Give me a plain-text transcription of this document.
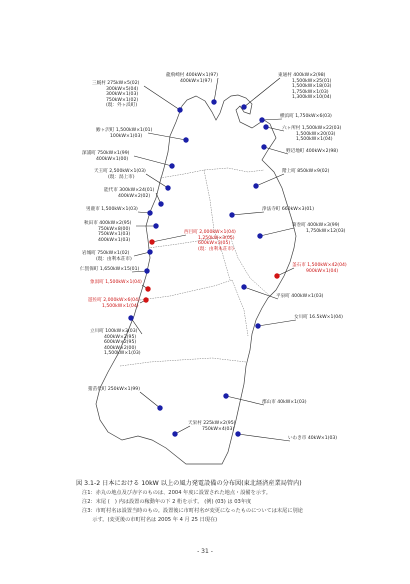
三厩村 275kW×5(02)
300kW×5(04)
300kW×1(03)
750kW×1(02)
(現：外ヶ浜町)
鯵ヶ沢町 1,500kW×1(01)
100kW×1(03)
深浦町 750kW×1(99)
400kW×1(00)
天王町 2,500kW×1(03)
(現：潟上市)
能代市 300kW×24(01)
400kW×2(02)
男鹿市 1,500kW×1(03)
秋田市 400kW×2(95)
750kW×8(00)
750kW×1(03)
400kW×1(03)
岩城町 750kW×1(02)
(現：由利本荘市)
仁賀保町 1,650kW×15(01)
象潟町 1,500kW×1(04)
遊佐町 2,000kW×6(04)
1,500kW×1(04)
立川町 100kW×3(03)
400kW×2(95)
600kW×2(95)
400kW×2(00)
1,500kW×1(03)
猪苗代町 250kW×1(99)
龍飛崎村 400kW×1(97)
400kW×1(97)
東通村 400kW×2(98)
1,500kW×25(01)
1,500kW×18(03)
1,750kW×1(03)
1,300kW×10(04)
横浜町 1,750kW×6(03)
六ヶ所村 1,500kW×22(03)
1,500kW×20(03)
1,500kW×1(04)
野辺地町 400kW×2(98)
階上町 850kW×9(02)
浄法寺町 660kW×3(01)
葛巻町 400kW×3(99)
1,750kW×12(03)
西目町 2,000kW×1(04)
1,250kW×3(05)
600kW×3(05)
(現：由利本荘市)
釜石市 1,500kW×42(04)
900kW×1(04)
平泉町 400kW×1(03)
女川町 16.5kW×1(04)
郡山市 40kW×1(03)
天栄村 225kW×2(95)
750kW×4(03)
いわき市 40kW×1(03)
図 3.1-2 日本における 10kW 以上の風力発電設備の分布図(東北経済産業局管内)
注1：赤丸の地点及び赤字のものは、2004 年度に設置された地点・設備を示す。
注2：末尾 (　) 内は設置の稼動年の下 2 桁を示す。 (例) (03) は 03年度
注3：市町村名は設置当時のもの。設置後に市町村名が変更になったものについては末尾に別途
　　示す。(変更後の市町村名は 2005 年 4 月 25 日現在)
- 31 -
